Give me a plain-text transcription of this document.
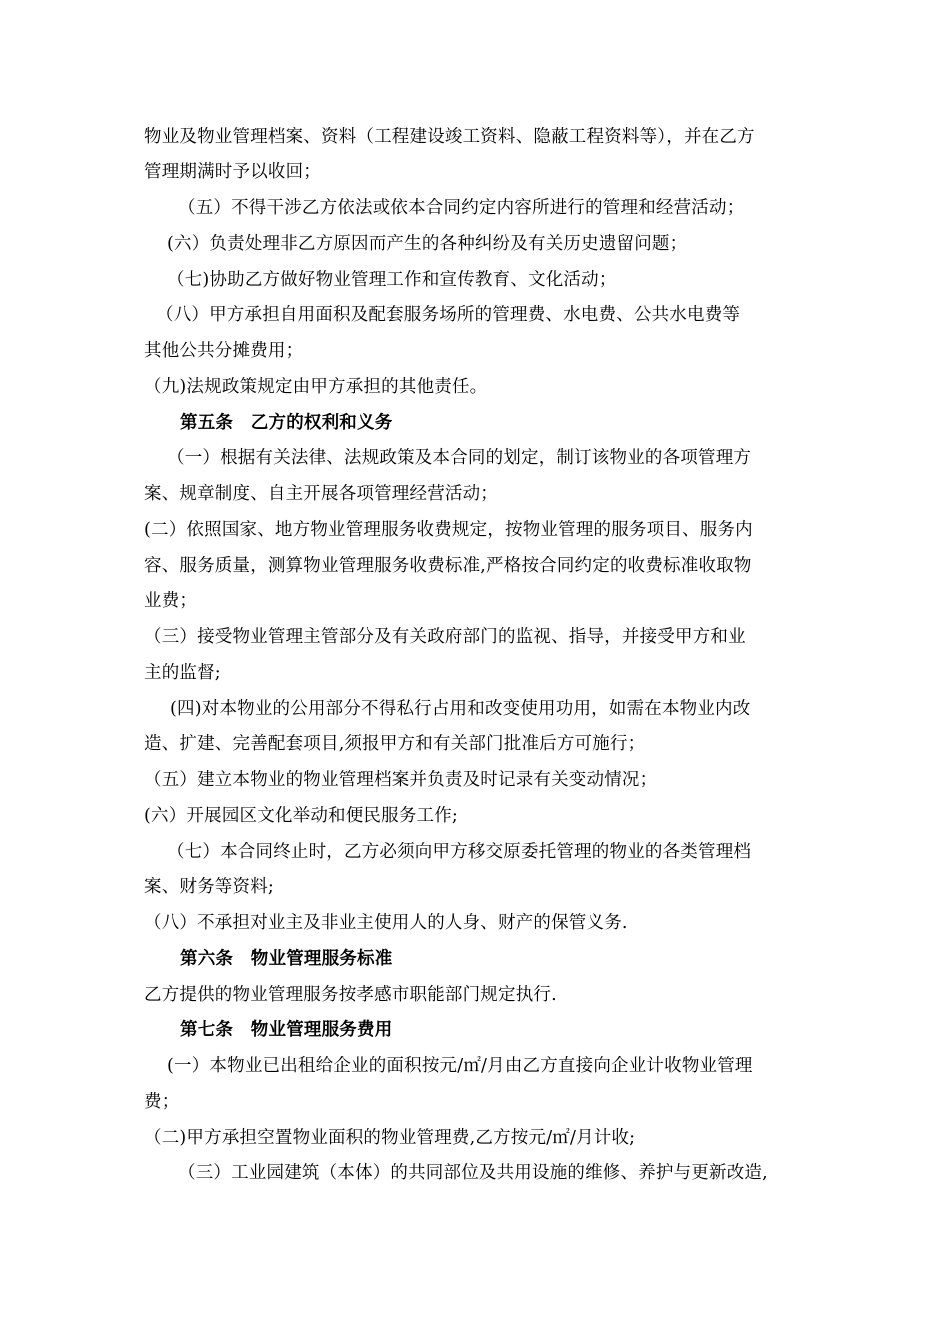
物业及物业管理档案、资料（工程建设竣工资料、隐蔽工程资料等），并在乙方
管理期满时予以收回；
（五）不得干涉乙方依法或依本合同约定内容所进行的管理和经营活动；
(六）负责处理非乙方原因而产生的各种纠纷及有关历史遗留问题；
（七)协助乙方做好物业管理工作和宣传教育、文化活动；
（八）甲方承担自用面积及配套服务场所的管理费、水电费、公共水电费等
其他公共分摊费用；
（九)法规政策规定由甲方承担的其他责任。
第五条　乙方的权利和义务
（一）根据有关法律、法规政策及本合同的划定，制订该物业的各项管理方
案、规章制度、自主开展各项管理经营活动；
(二）依照国家、地方物业管理服务收费规定，按物业管理的服务项目、服务内
容、服务质量，测算物业管理服务收费标准,严格按合同约定的收费标准收取物
业费；
（三）接受物业管理主管部分及有关政府部门的监视、指导，并接受甲方和业
主的监督;
(四)对本物业的公用部分不得私行占用和改变使用功用，如需在本物业内改
造、扩建、完善配套项目,须报甲方和有关部门批准后方可施行；
（五）建立本物业的物业管理档案并负责及时记录有关变动情况；
(六）开展园区文化举动和便民服务工作;
（七）本合同终止时，乙方必须向甲方移交原委托管理的物业的各类管理档
案、财务等资料;
（八）不承担对业主及非业主使用人的人身、财产的保管义务.
第六条　物业管理服务标准
乙方提供的物业管理服务按孝感市职能部门规定执行.
第七条　物业管理服务费用
(一）本物业已出租给企业的面积按元/㎡/月由乙方直接向企业计收物业管理
费；
（二)甲方承担空置物业面积的物业管理费,乙方按元/㎡/月计收;
（三）工业园建筑（本体）的共同部位及共用设施的维修、养护与更新改造,
